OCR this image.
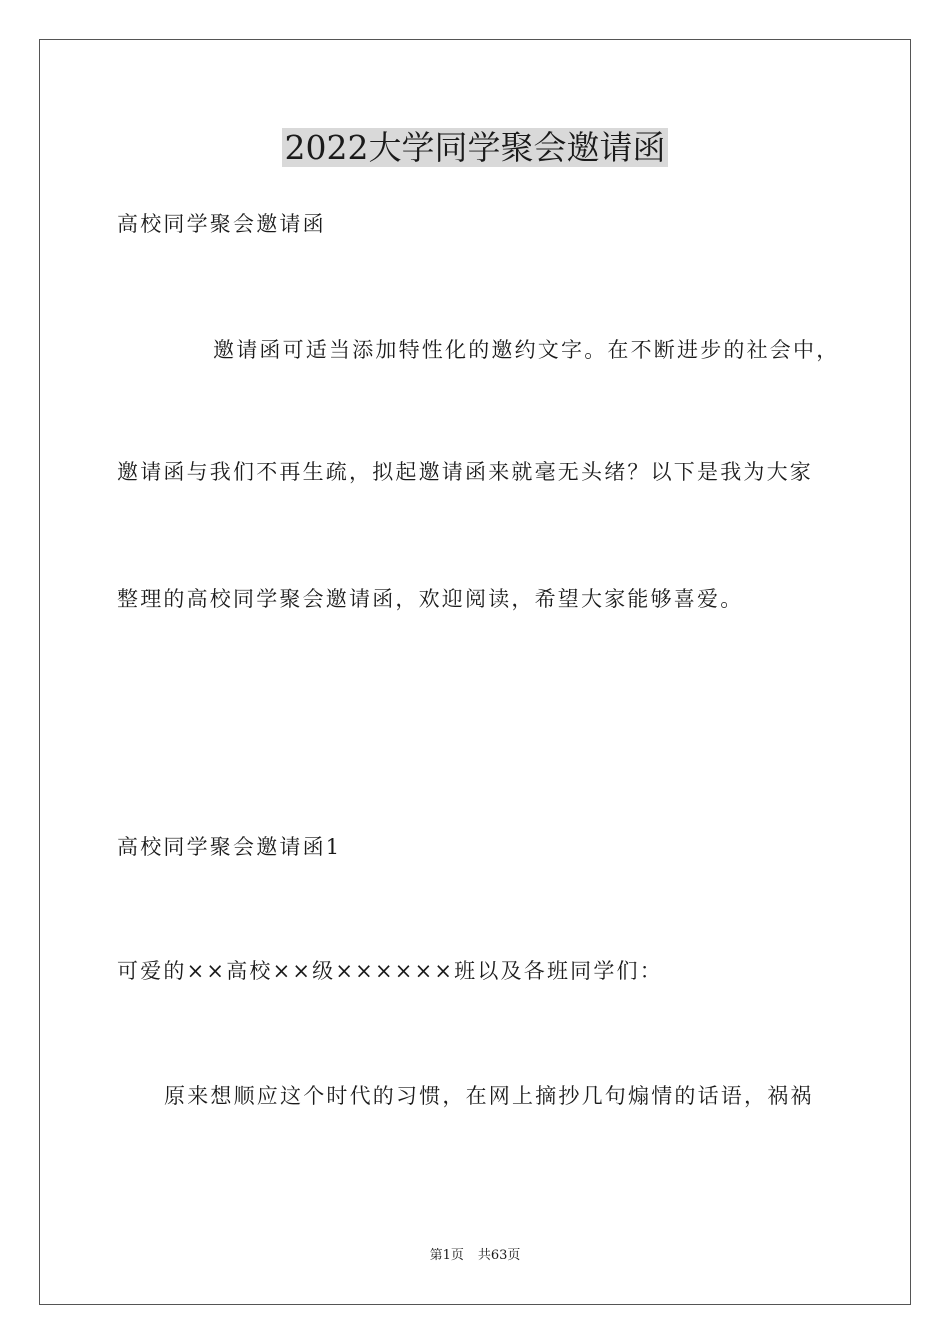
2022大学同学聚会邀请函
高校同学聚会邀请函
邀请函可适当添加特性化的邀约文字。在不断进步的社会中，
邀请函与我们不再生疏，拟起邀请函来就毫无头绪？以下是我为大家
整理的高校同学聚会邀请函，欢迎阅读，希望大家能够喜爱。
高校同学聚会邀请函1
可爱的××高校××级××××××班以及各班同学们：
原来想顺应这个时代的习惯，在网上摘抄几句煽情的话语，祸祸
第1页 共63页
